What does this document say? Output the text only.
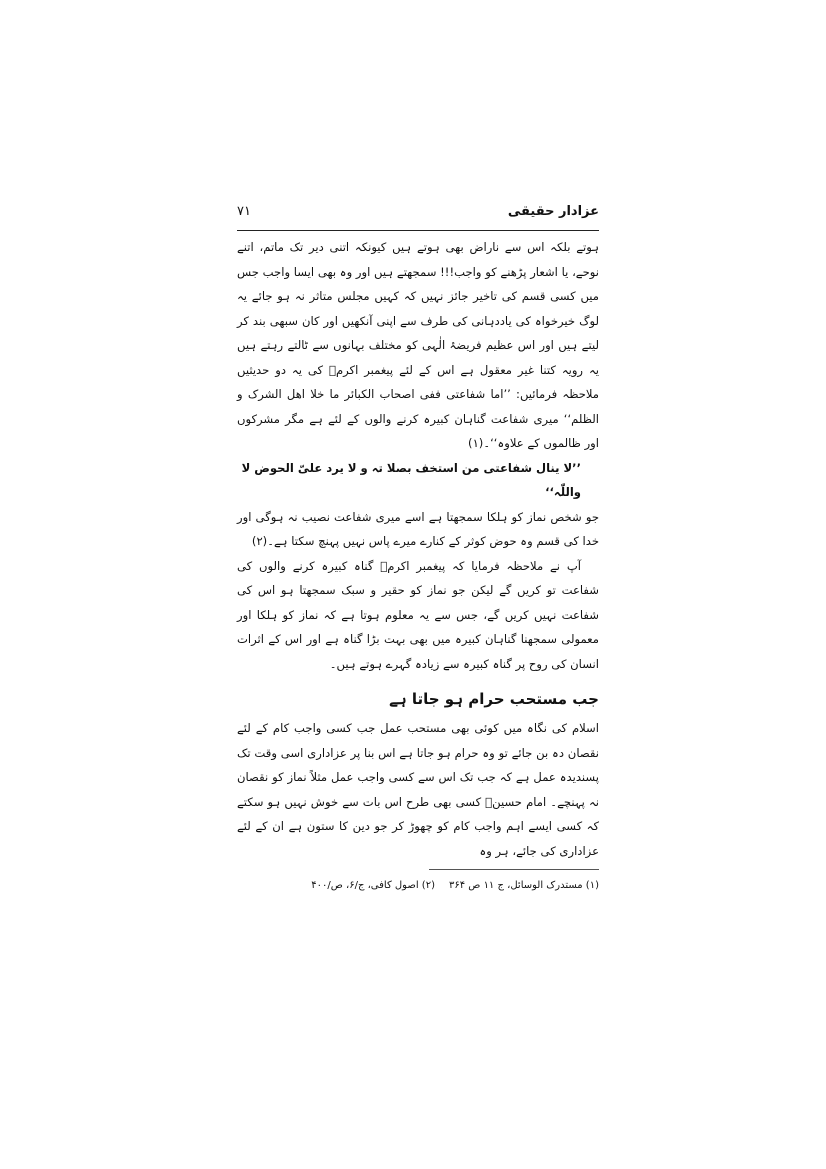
عزادار حقیقی
۷۱

ہوتے بلکہ اس سے ناراض بھی ہوتے ہیں کیونکہ اتنی دیر تک ماتم، اتنے نوحے، یا اشعار پڑھنے کو واجب!!! سمجھتے ہیں اور وہ بھی ایسا واجب جس میں کسی قسم کی تاخیر جائز نہیں کہ کہیں مجلس متاثر نہ ہو جائے یہ لوگ خیرخواہ کی یاددہانی کی طرف سے اپنی آنکھیں اور کان سبھی بند کر لیتے ہیں اور اس عظیم فریضۂ الٰہی کو مختلف بہانوں سے ٹالتے رہتے ہیں یہ رویہ کتنا غیر معقول ہے اس کے لئے پیغمبر اکرمؐ کی یہ دو حدیثیں ملاحظہ فرمائیں: ’’اما شفاعتی ففی اصحاب الکبائر ما خلا اھل الشرک و الظلم‘‘ میری شفاعت گناہان کبیرہ کرنے والوں کے لئے ہے مگر مشرکوں اور ظالموں کے علاوہ‘‘۔(۱)

’’لا ینال شفاعتی من استخف بصلا تہ و لا یرد علیّ الحوض لا واللّٰہ‘‘

جو شخص نماز کو ہلکا سمجھتا ہے اسے میری شفاعت نصیب نہ ہوگی اور خدا کی قسم وہ حوض کوثر کے کنارے میرے پاس نہیں پہنچ سکتا ہے۔(۲)

آپ نے ملاحظہ فرمایا کہ پیغمبر اکرمؐ گناہ کبیرہ کرنے والوں کی شفاعت تو کریں گے لیکن جو نماز کو حقیر و سبک سمجھتا ہو اس کی شفاعت نہیں کریں گے، جس سے یہ معلوم ہوتا ہے کہ نماز کو ہلکا اور معمولی سمجھنا گناہان کبیرہ میں بھی بہت بڑا گناہ ہے اور اس کے اثرات انسان کی روح پر گناہ کبیرہ سے زیادہ گہرے ہوتے ہیں۔

جب مستحب حرام ہو جاتا ہے

اسلام کی نگاہ میں کوئی بھی مستحب عمل جب کسی واجب کام کے لئے نقصان دہ بن جائے تو وہ حرام ہو جاتا ہے اس بنا پر عزاداری اسی وقت تک پسندیدہ عمل ہے کہ جب تک اس سے کسی واجب عمل مثلاً نماز کو نقصان نہ پہنچے۔ امام حسینؑ کسی بھی طرح اس بات سے خوش نہیں ہو سکتے کہ کسی ایسے اہم واجب کام کو چھوڑ کر جو دین کا ستون ہے ان کے لئے عزاداری کی جائے، ہر وہ

(۱) مستدرک الوسائل، ج ۱۱ ص ۳۶۴
(۲) اصول کافی، ج/۶، ص/۴۰۰
